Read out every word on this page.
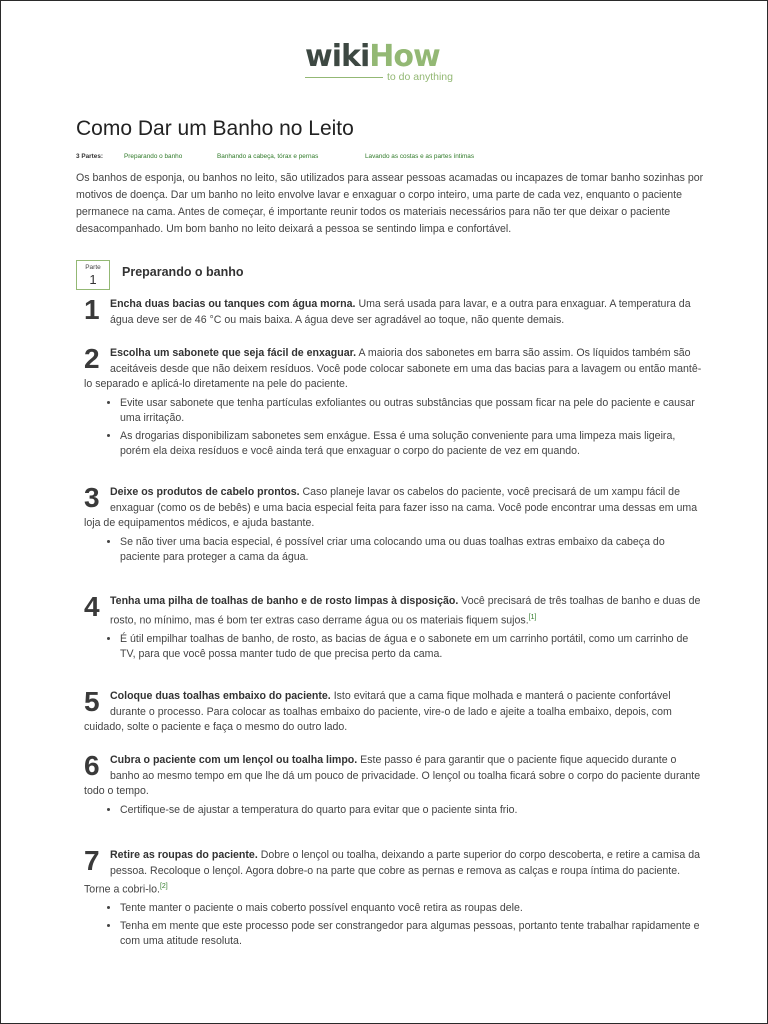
wikiHow
to do anything
Como Dar um Banho no Leito
3 Partes:	Preparando o banho	Banhando a cabeça, tórax e pernas	Lavando as costas e as partes íntimas

Os banhos de esponja, ou banhos no leito, são utilizados para assear pessoas acamadas ou incapazes de tomar banho sozinhas por motivos de doença. Dar um banho no leito envolve lavar e enxaguar o corpo inteiro, uma parte de cada vez, enquanto o paciente permanece na cama. Antes de começar, é importante reunir todos os materiais necessários para não ter que deixar o paciente desacompanhado. Um bom banho no leito deixará a pessoa se sentindo limpa e confortável.

Parte
1	Preparando o banho
1 Encha duas bacias ou tanques com água morna. Uma será usada para lavar, e a outra para enxaguar. A temperatura da água deve ser de 46 °C ou mais baixa. A água deve ser agradável ao toque, não quente demais.

2 Escolha um sabonete que seja fácil de enxaguar. A maioria dos sabonetes em barra são assim. Os líquidos também são aceitáveis desde que não deixem resíduos. Você pode colocar sabonete em uma das bacias para a lavagem ou então mantê-lo separado e aplicá-lo diretamente na pele do paciente.

• Evite usar sabonete que tenha partículas exfoliantes ou outras substâncias que possam ficar na pele do paciente e causar uma irritação.
• As drogarias disponibilizam sabonetes sem enxágue. Essa é uma solução conveniente para uma limpeza mais ligeira, porém ela deixa resíduos e você ainda terá que enxaguar o corpo do paciente de vez em quando.
3 Deixe os produtos de cabelo prontos. Caso planeje lavar os cabelos do paciente, você precisará de um xampu fácil de enxaguar (como os de bebês) e uma bacia especial feita para fazer isso na cama. Você pode encontrar uma dessas em uma loja de equipamentos médicos, e ajuda bastante.

• Se não tiver uma bacia especial, é possível criar uma colocando uma ou duas toalhas extras embaixo da cabeça do paciente para proteger a cama da água.
4 Tenha uma pilha de toalhas de banho e de rosto limpas à disposição. Você precisará de três toalhas de banho e duas de rosto, no mínimo, mas é bom ter extras caso derrame água ou os materiais fiquem sujos.[1]

• É útil empilhar toalhas de banho, de rosto, as bacias de água e o sabonete em um carrinho portátil, como um carrinho de TV, para que você possa manter tudo de que precisa perto da cama.
5 Coloque duas toalhas embaixo do paciente. Isto evitará que a cama fique molhada e manterá o paciente confortável durante o processo. Para colocar as toalhas embaixo do paciente, vire-o de lado e ajeite a toalha embaixo, depois, com cuidado, solte o paciente e faça o mesmo do outro lado.

6 Cubra o paciente com um lençol ou toalha limpo. Este passo é para garantir que o paciente fique aquecido durante o banho ao mesmo tempo em que lhe dá um pouco de privacidade. O lençol ou toalha ficará sobre o corpo do paciente durante todo o tempo.

• Certifique-se de ajustar a temperatura do quarto para evitar que o paciente sinta frio.
7 Retire as roupas do paciente. Dobre o lençol ou toalha, deixando a parte superior do corpo descoberta, e retire a camisa da pessoa. Recoloque o lençol. Agora dobre-o na parte que cobre as pernas e remova as calças e roupa íntima do paciente. Torne a cobri-lo.[2]

• Tente manter o paciente o mais coberto possível enquanto você retira as roupas dele.
• Tenha em mente que este processo pode ser constrangedor para algumas pessoas, portanto tente trabalhar rapidamente e com uma atitude resoluta.
